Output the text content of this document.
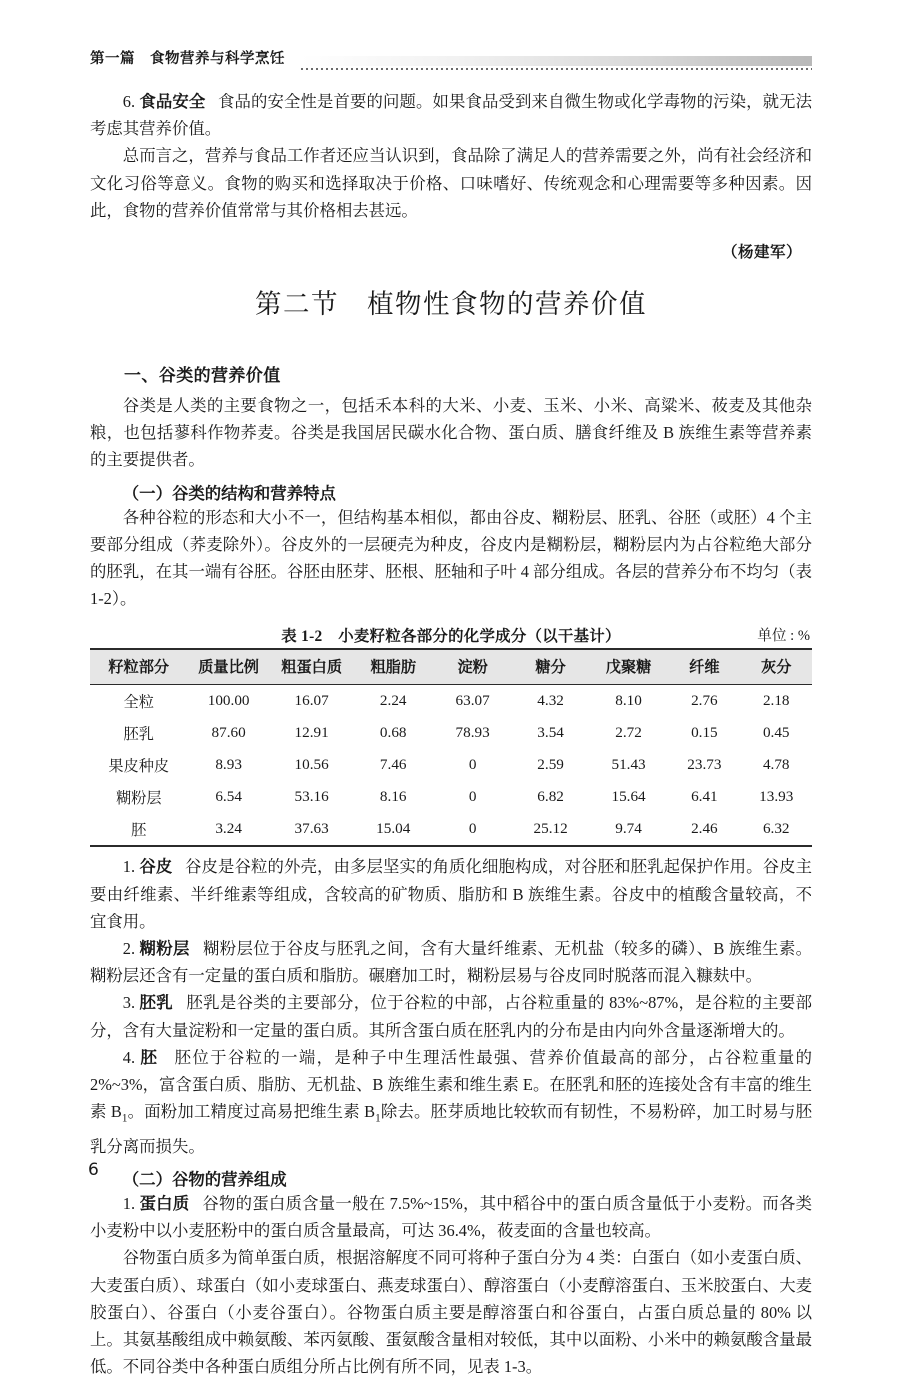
第一篇　食物营养与科学烹饪

6. 食品安全 食品的安全性是首要的问题。如果食品受到来自微生物或化学毒物的污染，就无法考虑其营养价值。

总而言之，营养与食品工作者还应当认识到，食品除了满足人的营养需要之外，尚有社会经济和文化习俗等意义。食物的购买和选择取决于价格、口味嗜好、传统观念和心理需要等多种因素。因此，食物的营养价值常常与其价格相去甚远。

（杨建军）

第二节　植物性食物的营养价值
一、谷类的营养价值

谷类是人类的主要食物之一，包括禾本科的大米、小麦、玉米、小米、高粱米、莜麦及其他杂粮，也包括蓼科作物荞麦。谷类是我国居民碳水化合物、蛋白质、膳食纤维及 B 族维生素等营养素的主要提供者。

（一）谷类的结构和营养特点

各种谷粒的形态和大小不一，但结构基本相似，都由谷皮、糊粉层、胚乳、谷胚（或胚）4 个主要部分组成（荞麦除外）。谷皮外的一层硬壳为种皮，谷皮内是糊粉层，糊粉层内为占谷粒绝大部分的胚乳，在其一端有谷胚。谷胚由胚芽、胚根、胚轴和子叶 4 部分组成。各层的营养分布不均匀（表 1-2）。

表 1-2　小麦籽粒各部分的化学成分（以干基计）	单位 : %
籽粒部分	质量比例	粗蛋白质	粗脂肪	淀粉	糖分	戊聚糖	纤维	灰分
全粒	100.00	16.07	2.24	63.07	4.32	8.10	2.76	2.18
胚乳	87.60	12.91	0.68	78.93	3.54	2.72	0.15	0.45
果皮种皮	8.93	10.56	7.46	0	2.59	51.43	23.73	4.78
糊粉层	6.54	53.16	8.16	0	6.82	15.64	6.41	13.93
胚	3.24	37.63	15.04	0	25.12	9.74	2.46	6.32

1. 谷皮 谷皮是谷粒的外壳，由多层坚实的角质化细胞构成，对谷胚和胚乳起保护作用。谷皮主要由纤维素、半纤维素等组成，含较高的矿物质、脂肪和 B 族维生素。谷皮中的植酸含量较高，不宜食用。

2. 糊粉层 糊粉层位于谷皮与胚乳之间，含有大量纤维素、无机盐（较多的磷）、B 族维生素。糊粉层还含有一定量的蛋白质和脂肪。碾磨加工时，糊粉层易与谷皮同时脱落而混入糠麸中。

3. 胚乳 胚乳是谷类的主要部分，位于谷粒的中部，占谷粒重量的 83%~87%，是谷粒的主要部分，含有大量淀粉和一定量的蛋白质。其所含蛋白质在胚乳内的分布是由内向外含量逐渐增大的。

4. 胚 胚位于谷粒的一端，是种子中生理活性最强、营养价值最高的部分，占谷粒重量的 2%~3%，富含蛋白质、脂肪、无机盐、B 族维生素和维生素 E。在胚乳和胚的连接处含有丰富的维生素 $B_1$。面粉加工精度过高易把维生素 $B_1$除去。胚芽质地比较软而有韧性，不易粉碎，加工时易与胚乳分离而损失。

（二）谷物的营养组成

1. 蛋白质 谷物的蛋白质含量一般在 7.5%~15%，其中稻谷中的蛋白质含量低于小麦粉。而各类小麦粉中以小麦胚粉中的蛋白质含量最高，可达 36.4%，莜麦面的含量也较高。

谷物蛋白质多为简单蛋白质，根据溶解度不同可将种子蛋白分为 4 类：白蛋白（如小麦蛋白质、大麦蛋白质）、球蛋白（如小麦球蛋白、燕麦球蛋白）、醇溶蛋白（小麦醇溶蛋白、玉米胶蛋白、大麦胶蛋白）、谷蛋白（小麦谷蛋白）。谷物蛋白质主要是醇溶蛋白和谷蛋白，占蛋白质总量的 80% 以上。其氨基酸组成中赖氨酸、苯丙氨酸、蛋氨酸含量相对较低，其中以面粉、小米中的赖氨酸含量最低。不同谷类中各种蛋白质组分所占比例有所不同，见表 1-3。

6
